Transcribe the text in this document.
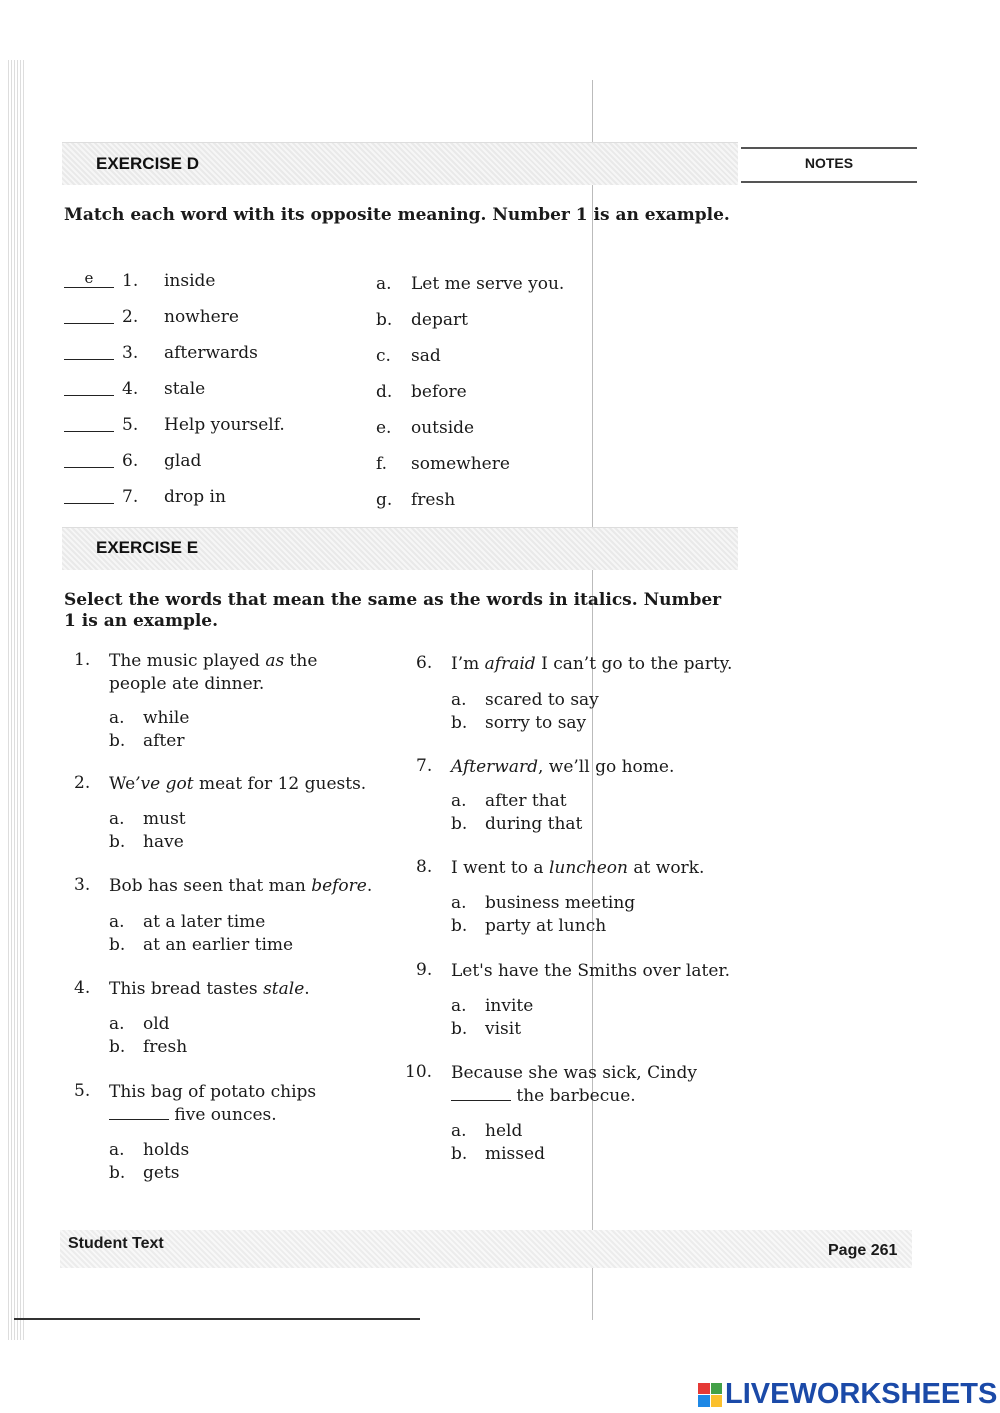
EXERCISE D	NOTES
Match each word with its opposite meaning. Number 1 is an example.
e	1. inside	a. Let me serve you.
2. nowhere	b. depart
3. afterwards	c. sad
4. stale	d. before
5. Help yourself.	e. outside
6. glad	f. somewhere
7. drop in	g. fresh
EXERCISE E
Select the words that mean the same as the words in italics. Number 1 is an example.
1. The music played as the people ate dinner.
a. while
b. after
2. We’ve got meat for 12 guests.
a. must
b. have
3. Bob has seen that man before.
a. at a later time
b. at an earlier time
4. This bread tastes stale.
a. old
b. fresh
5. This bag of potato chips  five ounces.
a. holds
b. gets
6. I’m afraid I can’t go to the party.
a. scared to say
b. sorry to say
7. Afterward, we’ll go home.
a. after that
b. during that
8. I went to a luncheon at work.
a. business meeting
b. party at lunch
9. Let's have the Smiths over later.
a. invite
b. visit
10. Because she was sick, Cindy
the barbecue.
a. held
b. missed
Student Text	Page 261
LIVEWORKSHEETS
